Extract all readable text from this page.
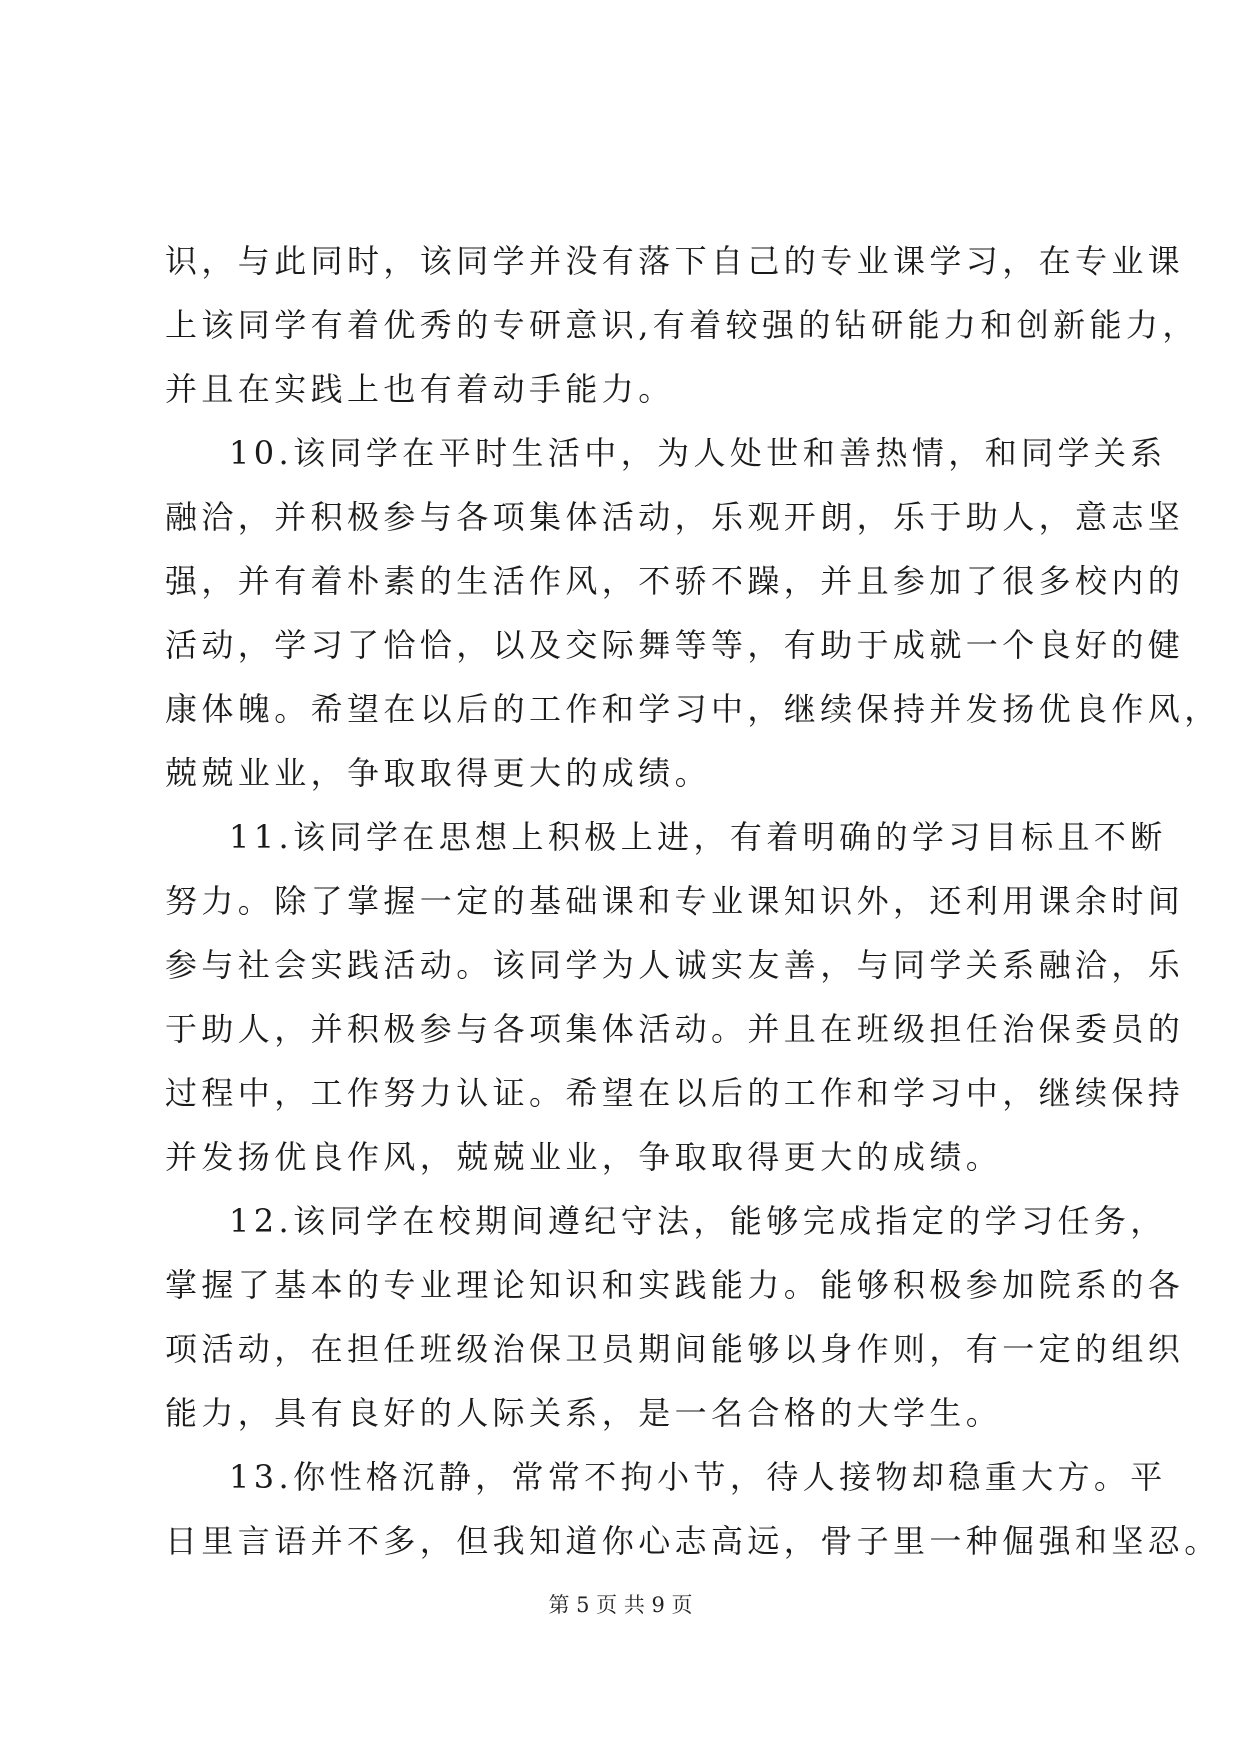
识，与此同时，该同学并没有落下自己的专业课学习，在专业课

上该同学有着优秀的专研意识,有着较强的钻研能力和创新能力，

并且在实践上也有着动手能力。

10.该同学在平时生活中，为人处世和善热情，和同学关系

融洽，并积极参与各项集体活动，乐观开朗，乐于助人，意志坚

强，并有着朴素的生活作风，不骄不躁，并且参加了很多校内的

活动，学习了恰恰，以及交际舞等等，有助于成就一个良好的健

康体魄。希望在以后的工作和学习中，继续保持并发扬优良作风，

兢兢业业，争取取得更大的成绩。

11.该同学在思想上积极上进，有着明确的学习目标且不断

努力。除了掌握一定的基础课和专业课知识外，还利用课余时间

参与社会实践活动。该同学为人诚实友善，与同学关系融洽，乐

于助人，并积极参与各项集体活动。并且在班级担任治保委员的

过程中，工作努力认证。希望在以后的工作和学习中，继续保持

并发扬优良作风，兢兢业业，争取取得更大的成绩。

12.该同学在校期间遵纪守法，能够完成指定的学习任务，

掌握了基本的专业理论知识和实践能力。能够积极参加院系的各

项活动，在担任班级治保卫员期间能够以身作则，有一定的组织

能力，具有良好的人际关系，是一名合格的大学生。

13.你性格沉静，常常不拘小节，待人接物却稳重大方。平

日里言语并不多，但我知道你心志高远，骨子里一种倔强和坚忍。

第 5 页 共 9 页
